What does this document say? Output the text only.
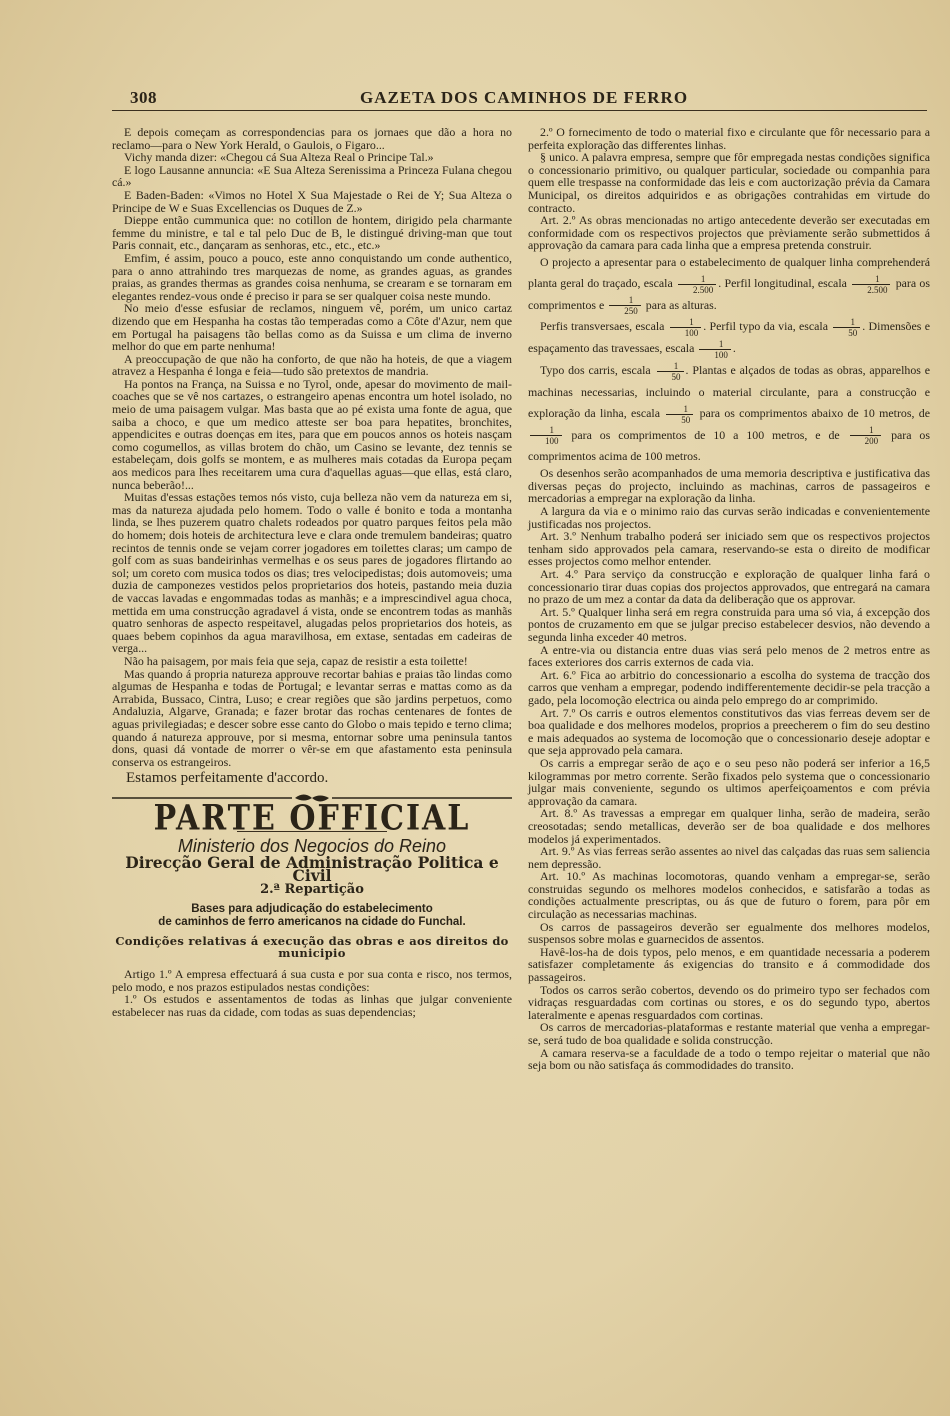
308	GAZETA DOS CAMINHOS DE FERRO

E depois começam as correspondencias para os jornaes que dão a hora no reclamo—para o New York Herald, o Gaulois, o Figaro...

Vichy manda dizer: «Chegou cá Sua Alteza Real o Principe Tal.»

E logo Lausanne annuncia: «E Sua Alteza Serenissima a Princeza Fulana chegou cá.»

E Baden-Baden: «Vimos no Hotel X Sua Majestade o Rei de Y; Sua Alteza o Principe de W e Suas Excellencias os Duques de Z.»

Dieppe então cummunica que: no cotillon de hontem, dirigido pela charmante femme du ministre, e tal e tal pelo Duc de B, le distingué driving-man que tout Paris connait, etc., dançaram as senhoras, etc., etc., etc.»

Emfim, é assim, pouco a pouco, este anno conquistando um conde authentico, para o anno attrahindo tres marquezas de nome, as grandes aguas, as grandes praias, as grandes thermas as grandes coisa nenhuma, se crearam e se tornaram em elegantes rendez-vous onde é preciso ir para se ser qualquer coisa neste mundo.

No meio d'esse esfusiar de reclamos, ninguem vê, porém, um unico cartaz dizendo que em Hespanha ha costas tão temperadas como a Côte d'Azur, nem que em Portugal ha paisagens tão bellas como as da Suissa e um clima de inverno melhor do que em parte nenhuma!

A preoccupação de que não ha conforto, de que não ha hoteis, de que a viagem atravez a Hespanha é longa e feia—tudo são pretextos de mandria.

Ha pontos na França, na Suissa e no Tyrol, onde, apesar do movimento de mail-coaches que se vê nos cartazes, o estrangeiro apenas encontra um hotel isolado, no meio de uma paisagem vulgar. Mas basta que ao pé exista uma fonte de agua, que saiba a choco, e que um medico atteste ser boa para hepatites, bronchites, appendicites e outras doenças em ites, para que em poucos annos os hoteis nasçam como cogumellos, as villas brotem do chão, um Casino se levante, dez tennis se estabeleçam, dois golfs se montem, e as mulheres mais cotadas da Europa peçam aos medicos para lhes receitarem uma cura d'aquellas aguas—que ellas, está claro, nunca beberão!...

Muitas d'essas estações temos nós visto, cuja belleza não vem da natureza em si, mas da natureza ajudada pelo homem. Todo o valle é bonito e toda a montanha linda, se lhes puzerem quatro chalets rodeados por quatro parques feitos pela mão do homem; dois hoteis de architectura leve e clara onde tremulem bandeiras; quatro recintos de tennis onde se vejam correr jogadores em toilettes claras; um campo de golf com as suas bandeirinhas vermelhas e os seus pares de jogadores flirtando ao sol; um coreto com musica todos os dias; tres velocipedistas; dois automoveis; uma duzia de camponezes vestidos pelos proprietarios dos hoteis, pastando meia duzia de vaccas lavadas e engommadas todas as manhãs; e a imprescindivel agua choca, mettida em uma construcção agradavel á vista, onde se encontrem todas as manhãs quatro senhoras de aspecto respeitavel, alugadas pelos proprietarios dos hoteis, as quaes bebem copinhos da agua maravilhosa, em extase, sentadas em cadeiras de verga...

Não ha paisagem, por mais feia que seja, capaz de resistir a esta toilette!

Mas quando á propria natureza approuve recortar bahias e praias tão lindas como algumas de Hespanha e todas de Portugal; e levantar serras e mattas como as da Arrabida, Bussaco, Cintra, Luso; e crear regiões que são jardins perpetuos, como Andaluzia, Algarve, Granada; e fazer brotar das rochas centenares de fontes de aguas privilegiadas; e descer sobre esse canto do Globo o mais tepido e terno clima; quando á natureza approuve, por si mesma, entornar sobre uma peninsula tantos dons, quasi dá vontade de morrer o vêr-se em que afastamento esta peninsula conserva os estrangeiros.

Estamos perfeitamente d'accordo.

PARTE OFFICIAL
Ministerio dos Negocios do Reino
Direcção Geral de Administração Politica e Civil
2.ª Repartição
Bases para adjudicação do estabelecimento
de caminhos de ferro americanos na cidade do Funchal.
Condições relativas á execução das obras e aos direitos do municipio

Artigo 1.º A empresa effectuará á sua custa e por sua conta e risco, nos termos, pelo modo, e nos prazos estipulados nestas condições:

1.º Os estudos e assentamentos de todas as linhas que julgar conveniente estabelecer nas ruas da cidade, com todas as suas dependencias;

2.º O fornecimento de todo o material fixo e circulante que fôr necessario para a perfeita exploração das differentes linhas.

§ unico. A palavra empresa, sempre que fôr empregada nestas condições significa o concessionario primitivo, ou qualquer particular, sociedade ou companhia para quem elle trespasse na conformidade das leis e com auctorização prévia da Camara Municipal, os direitos adquiridos e as obrigações contrahidas em virtude do contracto.

Art. 2.º As obras mencionadas no artigo antecedente deverão ser executadas em conformidade com os respectivos projectos que prèviamente serão submettidos á approvação da camara para cada linha que a empresa pretenda construir.

O projecto a apresentar para o estabelecimento de qualquer linha comprehenderá planta geral do traçado, escala $\frac{1}{2.500}$ . Perfil longitudinal, escala $\frac{1}{2.500}$ para os comprimentos e $\frac{1}{250}$ para as alturas.

Perfis transversaes, escala $\frac{1}{100}$ . Perfil typo da via, escala $\frac{1}{50}$ . Dimensões e espaçamento das travessaes, escala $\frac{1}{100}$ .

Typo dos carris, escala $\frac{1}{50}$ . Plantas e alçados de todas as obras, apparelhos e machinas necessarias, incluindo o material circulante, para a construcção e exploração da linha, escala $\frac{1}{50}$ para os comprimentos abaixo de 10 metros, de
$\frac{1}{100}$ para os comprimentos de 10 a 100 metros, e de $\frac{1}{200}$ para os comprimentos acima de 100 metros.

Os desenhos serão acompanhados de uma memoria descriptiva e justificativa das diversas peças do projecto, incluindo as machinas, carros de passageiros e mercadorias a empregar na exploração da linha.

A largura da via e o minimo raio das curvas serão indicadas e convenientemente justificadas nos projectos.

Art. 3.º Nenhum trabalho poderá ser iniciado sem que os respectivos projectos tenham sido approvados pela camara, reservando-se esta o direito de modificar esses projectos como melhor entender.

Art. 4.º Para serviço da construcção e exploração de qualquer linha fará o concessionario tirar duas copias dos projectos approvados, que entregará na camara no prazo de um mez a contar da data da deliberação que os approvar.

Art. 5.º Qualquer linha será em regra construida para uma só via, á excepção dos pontos de cruzamento em que se julgar preciso estabelecer desvios, não devendo a segunda linha exceder 40 metros.

A entre-via ou distancia entre duas vias será pelo menos de 2 metros entre as faces exteriores dos carris externos de cada via.

Art. 6.º Fica ao arbitrio do concessionario a escolha do systema de tracção dos carros que venham a empregar, podendo indifferentemente decidir-se pela tracção a gado, pela locomoção electrica ou ainda pelo emprego do ar comprimido.

Art. 7.º Os carris e outros elementos constitutivos das vias ferreas devem ser de boa qualidade e dos melhores modelos, proprios a preecherem o fim do seu destino e mais adequados ao systema de locomoção que o concessionario deseje adoptar e que seja approvado pela camara.

Os carris a empregar serão de aço e o seu peso não poderá ser inferior a 16,5 kilogrammas por metro corrente. Serão fixados pelo systema que o concessionario julgar mais conveniente, segundo os ultimos aperfeiçoamentos e com prévia approvação da camara.

Art. 8.º As travessas a empregar em qualquer linha, serão de madeira, serão creosotadas; sendo metallicas, deverão ser de boa qualidade e dos melhores modelos já experimentados.

Art. 9.º As vias ferreas serão assentes ao nivel das calçadas das ruas sem saliencia nem depressão.

Art. 10.º As machinas locomotoras, quando venham a empregar-se, serão construidas segundo os melhores modelos conhecidos, e satisfarão a todas as condições actualmente prescriptas, ou ás que de futuro o forem, para pôr em circulação as necessarias machinas.

Os carros de passageiros deverão ser egualmente dos melhores modelos, suspensos sobre molas e guarnecidos de assentos.

Havê-los-ha de dois typos, pelo menos, e em quantidade necessaria a poderem satisfazer completamente ás exigencias do transito e á commodidade dos passageiros.

Todos os carros serão cobertos, devendo os do primeiro typo ser fechados com vidraças resguardadas com cortinas ou stores, e os do segundo typo, abertos lateralmente e apenas resguardados com cortinas.

Os carros de mercadorias-plataformas e restante material que venha a empregar-se, será tudo de boa qualidade e solida construcção.

A camara reserva-se a faculdade de a todo o tempo rejeitar o material que não seja bom ou não satisfaça ás commodidades do transito.
